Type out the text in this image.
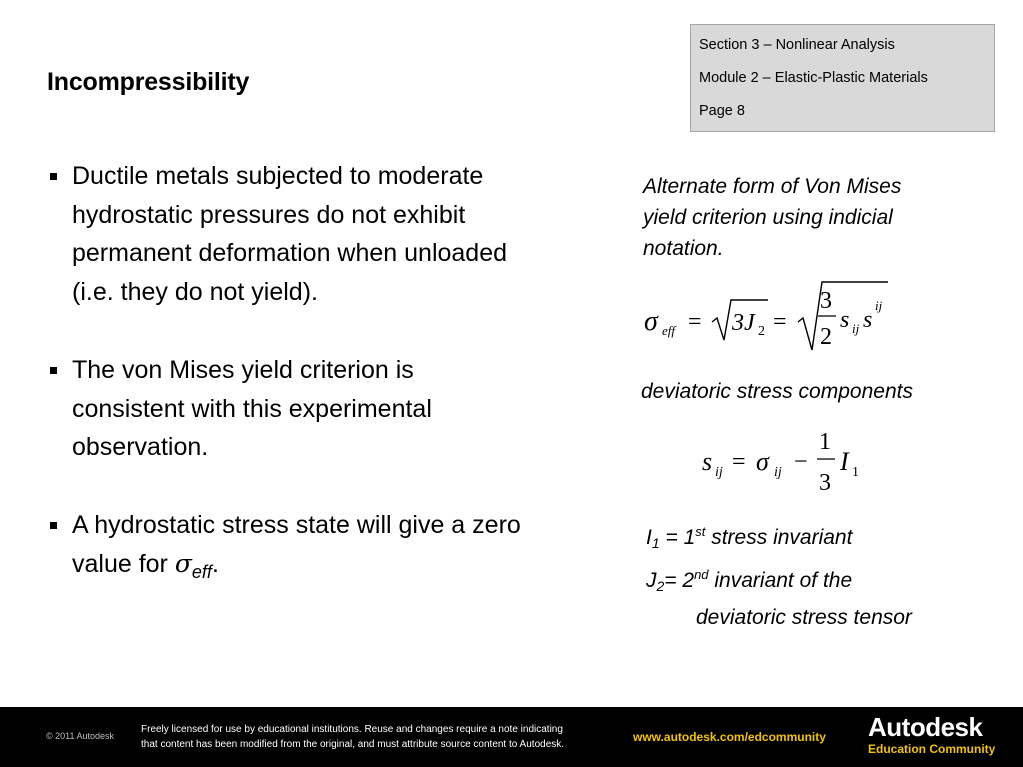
Incompressibility
Section 3 – Nonlinear Analysis
Module 2 – Elastic-Plastic Materials
Page 8
Ductile metals subjected to moderate hydrostatic pressures do not exhibit permanent deformation when unloaded (i.e. they do not yield).
The von Mises yield criterion is consistent with this experimental observation.
A hydrostatic stress state will give a zero value for $\sigma_{eff}$.
Alternate form of Von Mises yield criterion using indicial notation.
σ eff = 3J 2 =
3
2
s ij s
ij
deviatoric stress components
s ij = σ ij −
1
3
I 1
$I_1 = 1st$ stress invariant
$J_2= 2nd$ invariant of the
deviatoric stress tensor
© 2011 Autodesk
Freely licensed for use by educational institutions. Reuse and changes require a note indicating
that content has been modified from the original, and must attribute source content to Autodesk.	www.autodesk.com/edcommunity Autodesk
Education Community
